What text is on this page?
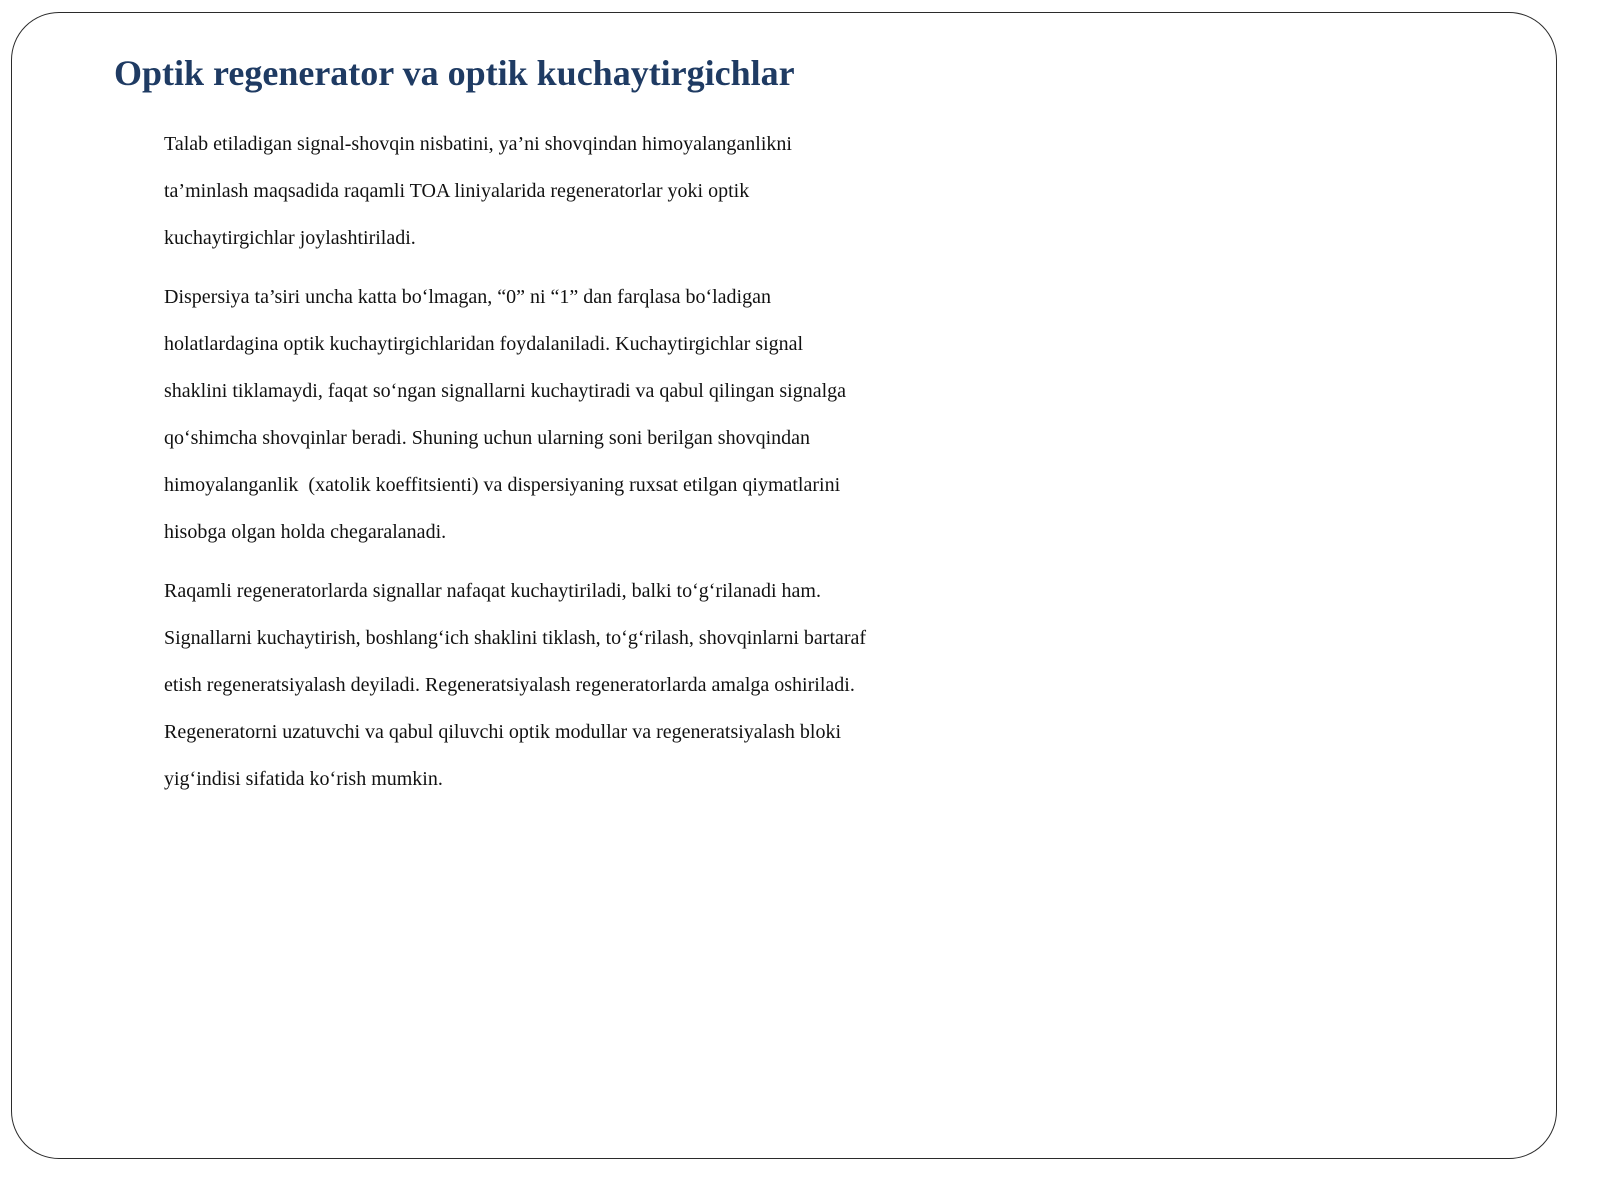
Optik regenerator va optik kuchaytirgichlar

Talab etiladigan signal-shovqin nisbatini, ya’ni shovqindan himoyalanganlikni
ta’minlash maqsadida raqamli TOA liniyalarida regeneratorlar yoki optik
kuchaytirgichlar joylashtiriladi.

Dispersiya ta’siri uncha katta bo‘lmagan, “0” ni “1” dan farqlasa bo‘ladigan
holatlardagina optik kuchaytirgichlaridan foydalaniladi. Kuchaytirgichlar signal
shaklini tiklamaydi, faqat so‘ngan signallarni kuchaytiradi va qabul qilingan signalga
qo‘shimcha shovqinlar beradi. Shuning uchun ularning soni berilgan shovqindan
himoyalanganlik  (xatolik koeffitsienti) va dispersiyaning ruxsat etilgan qiymatlarini
hisobga olgan holda chegaralanadi.

Raqamli regeneratorlarda signallar nafaqat kuchaytiriladi, balki to‘g‘rilanadi ham.
Signallarni kuchaytirish, boshlang‘ich shaklini tiklash, to‘g‘rilash, shovqinlarni bartaraf
etish regeneratsiyalash deyiladi. Regeneratsiyalash regeneratorlarda amalga oshiriladi.
Regeneratorni uzatuvchi va qabul qiluvchi optik modullar va regeneratsiyalash bloki
yig‘indisi sifatida ko‘rish mumkin.
